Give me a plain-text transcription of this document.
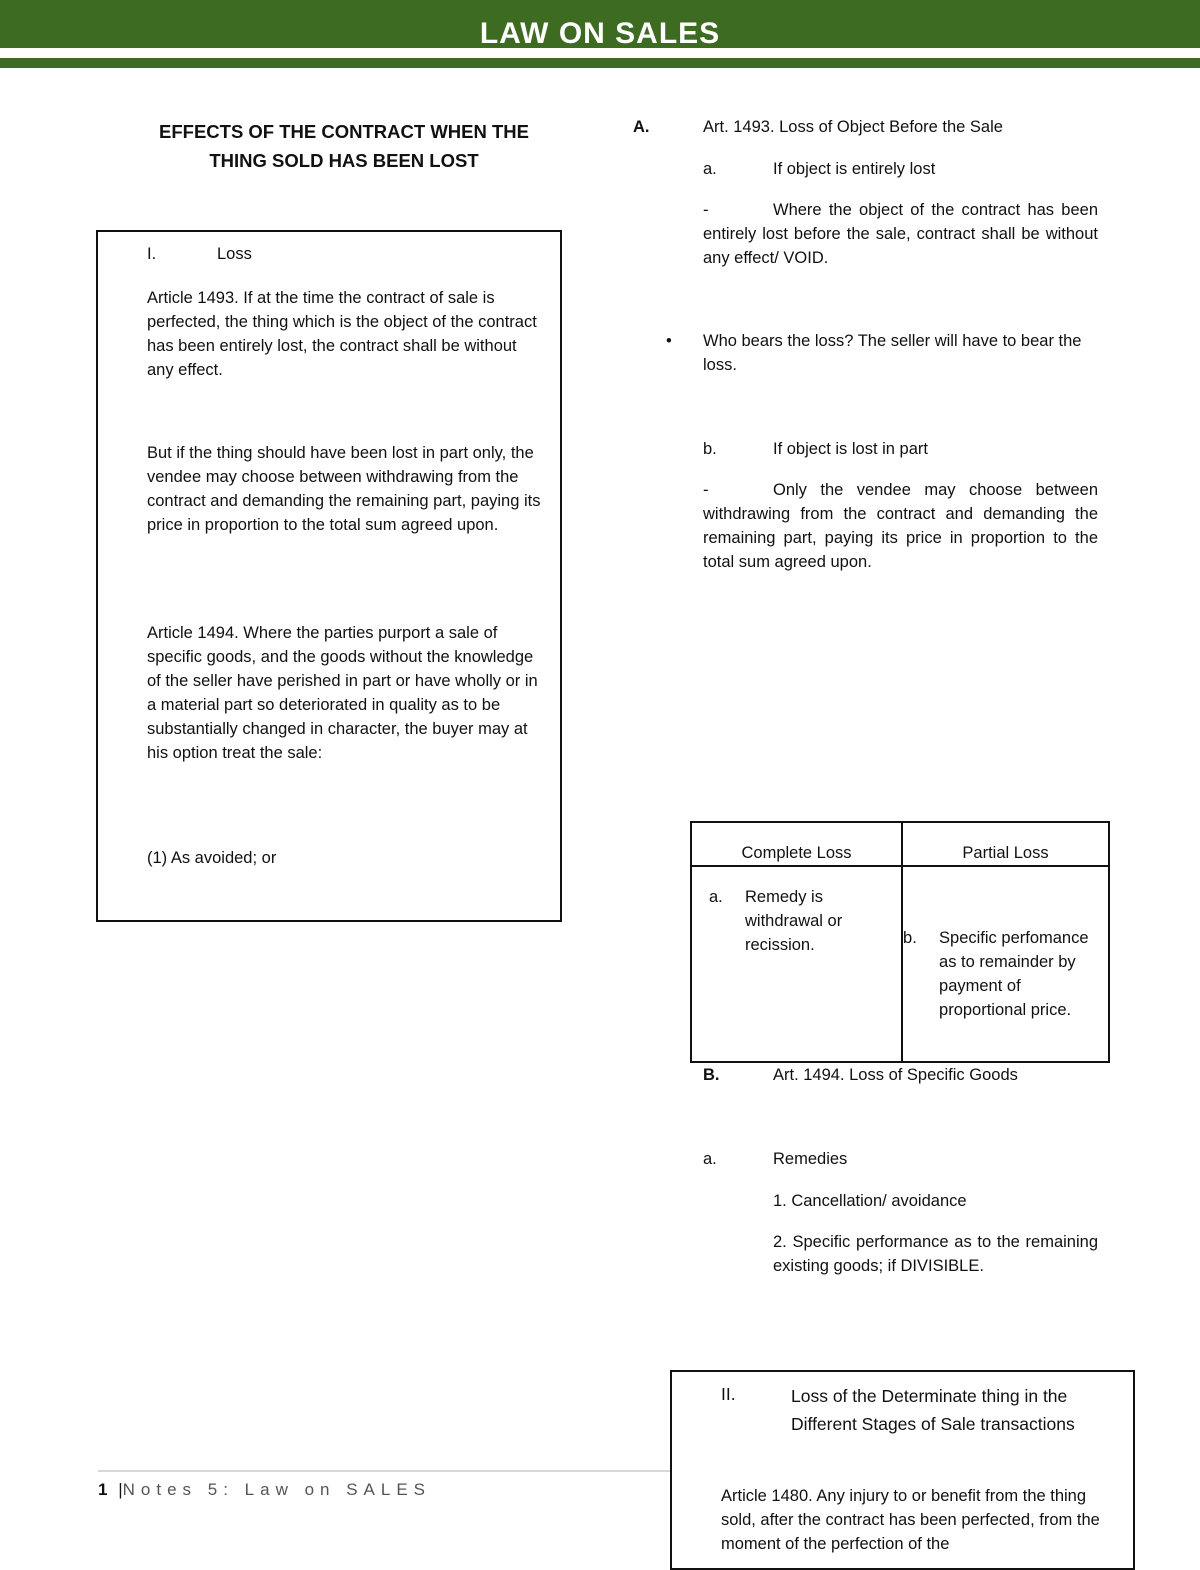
LAW ON SALES
EFFECTS OF THE CONTRACT WHEN THE
THING SOLD HAS BEEN LOST
I.	Loss
Article 1493. If at the time the contract of sale is perfected, the thing which is the object of the contract has been entirely lost, the contract shall be without any effect.
But if the thing should have been lost in part only, the vendee may choose between withdrawing from the contract and demanding the remaining part, paying its price in proportion to the total sum agreed upon.
Article 1494. Where the parties purport a sale of specific goods, and the goods without the knowledge of the seller have perished in part or have wholly or in a material part so deteriorated in quality as to be substantially changed in character, the buyer may at his option treat the sale:
(1) As avoided; or
A.	Art. 1493. Loss of Object Before the Sale
a.	If object is entirely lost
-	Where the object of the contract has been entirely lost before the sale, contract shall be without any effect/ VOID.
• Who bears the loss? The seller will have to bear the loss.
b.	If object is lost in part
-	Only the vendee may choose between withdrawing from the contract and demanding the remaining part, paying its price in proportion to the total sum agreed upon.
Complete Loss	Partial Loss

a. Remedy is withdrawal or recission.	b. Specific perfomance as to remainder by payment of proportional price.
B.	Art. 1494. Loss of Specific Goods
a.	Remedies
1. Cancellation/ avoidance
2. Specific performance as to the remaining existing goods; if DIVISIBLE.
1 |Notes 5: Law on SALES
II.	Loss of the Determinate thing in the Different Stages of Sale transactions
Article 1480. Any injury to or benefit from the thing sold, after the contract has been perfected, from the moment of the perfection of the
